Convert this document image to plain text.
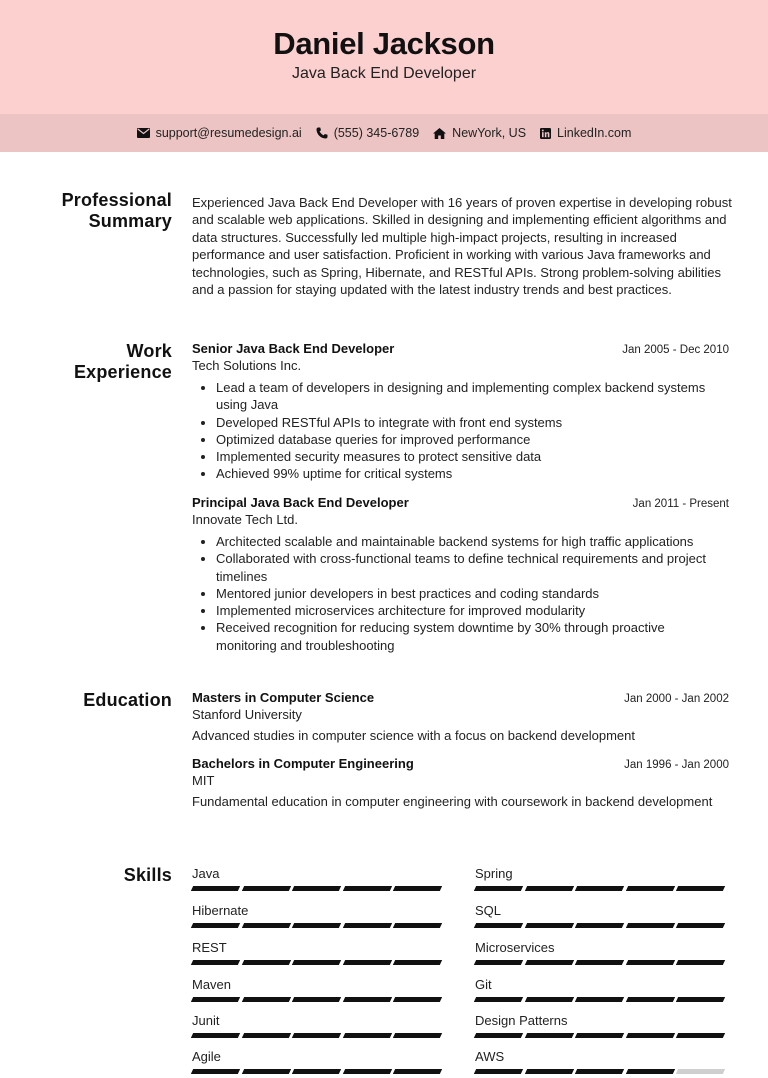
Daniel Jackson
Java Back End Developer
support@resumedesign.ai	(555) 345-6789	NewYork, US LinkedIn.com
Professional Summary
Work Experience
Education
Skills
Experienced Java Back End Developer with 16 years of proven expertise in developing robust and scalable web applications. Skilled in designing and implementing efficient algorithms and data structures. Successfully led multiple high-impact projects, resulting in increased performance and user satisfaction. Proficient in working with various Java frameworks and technologies, such as Spring, Hibernate, and RESTful APIs. Strong problem-solving abilities and a passion for staying updated with the latest industry trends and best practices.
Senior Java Back End Developer	Jan 2005 - Dec 2010
Tech Solutions Inc.
• Lead a team of developers in designing and implementing complex backend systems using Java
• Developed RESTful APIs to integrate with front end systems
• Optimized database queries for improved performance
• Implemented security measures to protect sensitive data
• Achieved 99% uptime for critical systems
Principal Java Back End Developer	Jan 2011 - Present
Innovate Tech Ltd.
• Architected scalable and maintainable backend systems for high traffic applications
• Collaborated with cross-functional teams to define technical requirements and project timelines
• Mentored junior developers in best practices and coding standards
• Implemented microservices architecture for improved modularity
• Received recognition for reducing system downtime by 30% through proactive monitoring and troubleshooting
Masters in Computer Science	Jan 2000 - Jan 2002
Stanford University
Advanced studies in computer science with a focus on backend development
Bachelors in Computer Engineering	Jan 1996 - Jan 2000
MIT
Fundamental education in computer engineering with coursework in backend development
Java	Spring
Hibernate	SQL
REST	Microservices
Maven	Git
Junit	Design Patterns
Agile	AWS
